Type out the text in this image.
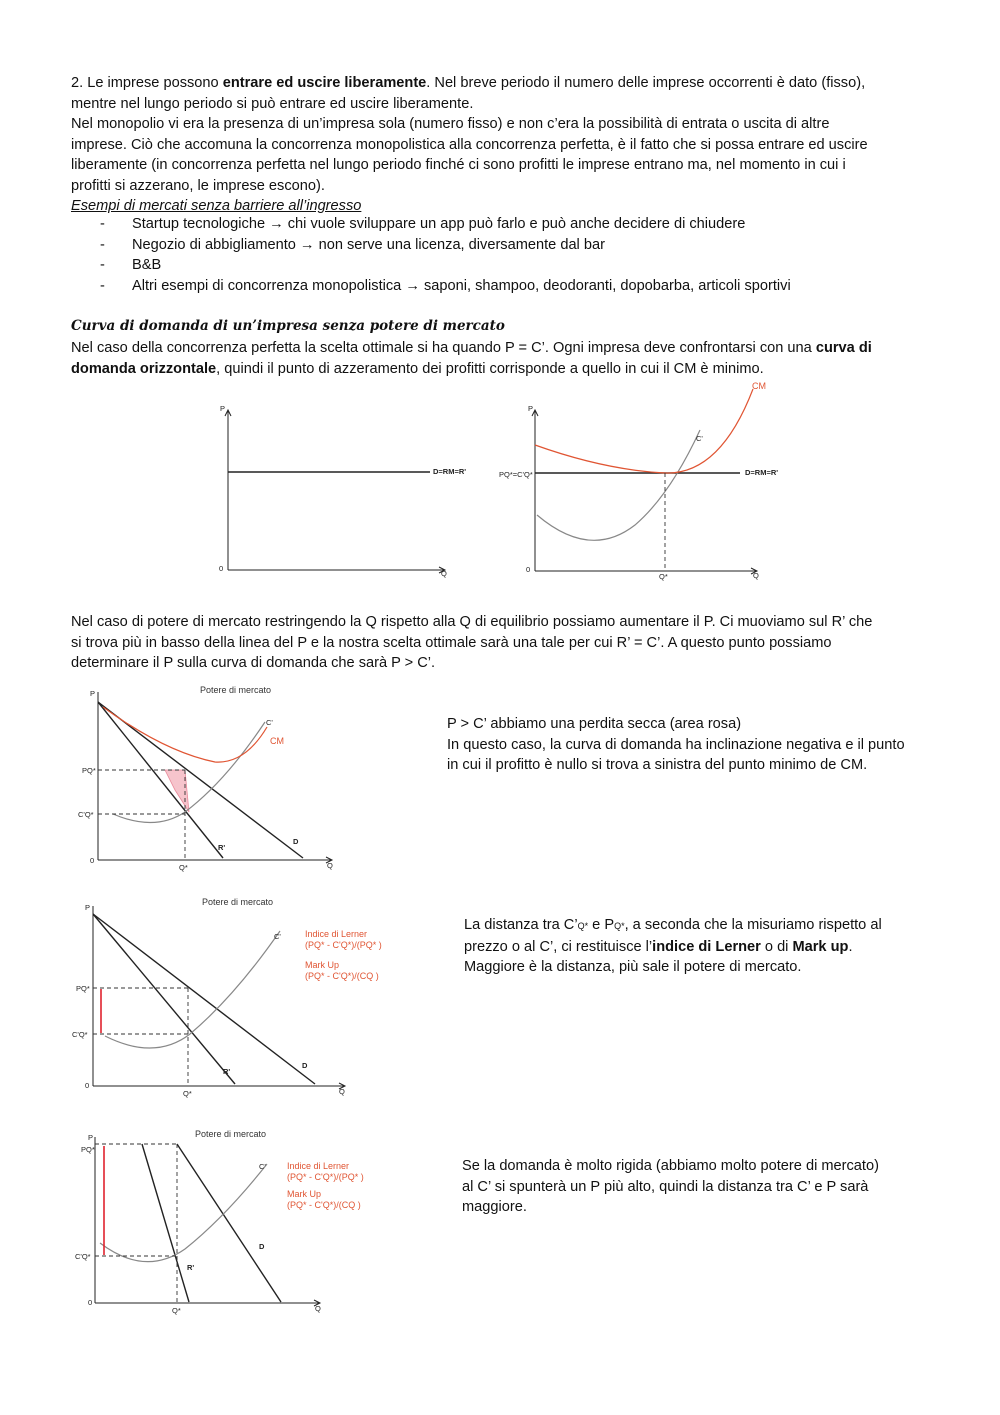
2. Le imprese possono entrare ed uscire liberamente. Nel breve periodo il numero delle imprese occorrenti è dato (fisso),
mentre nel lungo periodo si può entrare ed uscire liberamente.
Nel monopolio vi era la presenza di un’impresa sola (numero fisso) e non c’era la possibilità di entrata o uscita di altre
imprese. Ciò che accomuna la concorrenza monopolistica alla concorrenza perfetta, è il fatto che si possa entrare ed uscire
liberamente (in concorrenza perfetta nel lungo periodo finché ci sono profitti le imprese entrano ma, nel momento in cui i
profitti si azzerano, le imprese escono).
Esempi di mercati senza barriere all’ingresso

- Startup tecnologiche → chi vuole sviluppare un app può farlo e può anche decidere di chiudere
- Negozio di abbigliamento → non serve una licenza, diversamente dal bar
- B&B
- Altri esempi di concorrenza monopolistica → saponi, shampoo, deodoranti, dopobarba, articoli sportivi
Curva di domanda di un’impresa senza potere di mercato

Nel caso della concorrenza perfetta la scelta ottimale si ha quando P = C’. Ogni impresa deve confrontarsi con una curva di
domanda orizzontale, quindi il punto di azzeramento dei profitti corrisponde a quello in cui il CM è minimo.

P
0
Q
D=RM=R'
P
0
Q
PQ*=C'Q*	D=RM=R'
C'
CM
Q*

Nel caso di potere di mercato restringendo la Q rispetto alla Q di equilibrio possiamo aumentare il P. Ci muoviamo sul R’ che
si trova più in basso della linea del P e la nostra scelta ottimale sarà una tale per cui R’ = C’. A questo punto possiamo
determinare il P sulla curva di domanda che sarà P > C’.

P
0
Q
Potere di mercato
PQ*
C'Q*
Q*
R'
D
C'
CM

P > C’ abbiamo una perdita secca (area rosa)
In questo caso, la curva di domanda ha inclinazione negativa e il punto
in cui il profitto è nullo si trova a sinistra del punto minimo de CM.

P
0
Q
Potere di mercato
PQ*
C'Q*
Q*
R'
D
C'	Indice di Lerner
(PQ* - C'Q*)/(PQ* )
Mark Up
(PQ* - C'Q*)/(CQ )

La distanza tra C’Q* e PQ*, a seconda che la misuriamo rispetto al
prezzo o al C’, ci restituisce l’indice di Lerner o di Mark up.
Maggiore è la distanza, più sale il potere di mercato.

P
0
Q
Potere di mercato
PQ*
C'Q*
Q*
R'
D
C' Indice di Lerner
(PQ* - C'Q*)/(PQ* )
Mark Up
(PQ* - C'Q*)/(CQ )

Se la domanda è molto rigida (abbiamo molto potere di mercato)
al C’ si spunterà un P più alto, quindi la distanza tra C’ e P sarà
maggiore.
